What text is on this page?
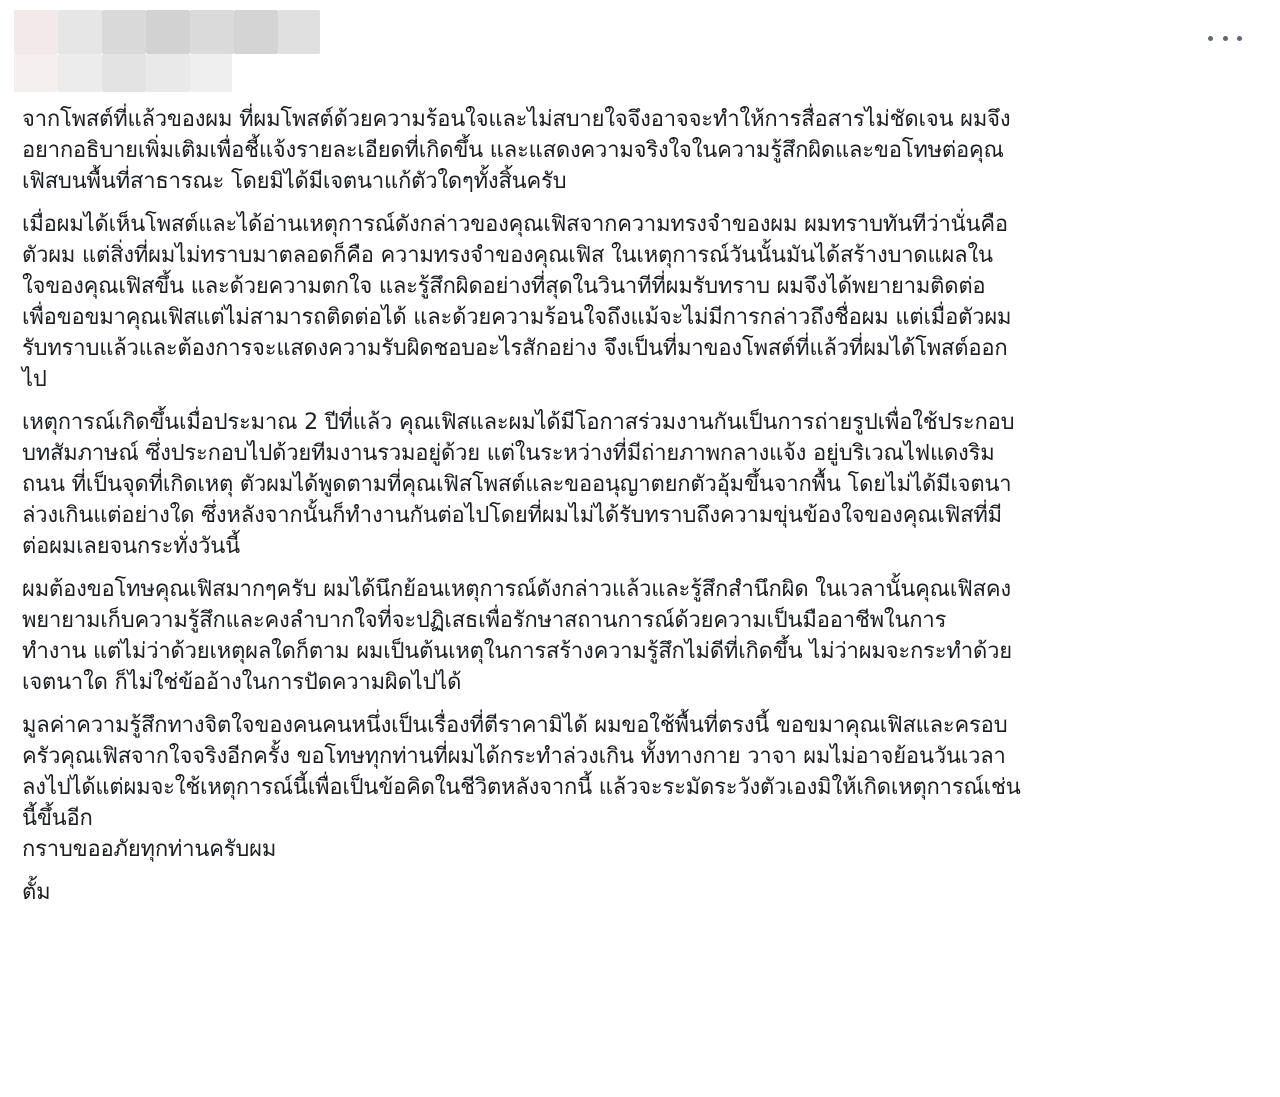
จากโพสต์ที่แล้วของผม ที่ผมโพสต์ด้วยความร้อนใจและไม่สบายใจจึงอาจจะทำให้การสื่อสารไม่ชัดเจน ผมจึง
อยากอธิบายเพิ่มเติมเพื่อชี้แจ้งรายละเอียดที่เกิดขึ้น และแสดงความจริงใจในความรู้สึกผิดและขอโทษต่อคุณ
เฟิสบนพื้นที่สาธารณะ โดยมิได้มีเจตนาแก้ตัวใดๆทั้งสิ้นครับ

เมื่อผมได้เห็นโพสต์และได้อ่านเหตุการณ์ดังกล่าวของคุณเฟิสจากความทรงจำของผม ผมทราบทันทีว่านั่นคือ
ตัวผม แต่สิ่งที่ผมไม่ทราบมาตลอดก็คือ ความทรงจำของคุณเฟิส ในเหตุการณ์วันนั้นมันได้สร้างบาดแผลใน
ใจของคุณเฟิสขึ้น และด้วยความตกใจ และรู้สึกผิดอย่างที่สุดในวินาทีที่ผมรับทราบ ผมจึงได้พยายามติดต่อ
เพื่อขอขมาคุณเฟิสแต่ไม่สามารถติดต่อได้ และด้วยความร้อนใจถึงแม้จะไม่มีการกล่าวถึงชื่อผม แต่เมื่อตัวผม
รับทราบแล้วและต้องการจะแสดงความรับผิดชอบอะไรสักอย่าง จึงเป็นที่มาของโพสต์ที่แล้วที่ผมได้โพสต์ออก
ไป

เหตุการณ์เกิดขึ้นเมื่อประมาณ 2 ปีที่แล้ว คุณเฟิสและผมได้มีโอกาสร่วมงานกันเป็นการถ่ายรูปเพื่อใช้ประกอบ
บทสัมภาษณ์ ซึ่งประกอบไปด้วยทีมงานรวมอยู่ด้วย แต่ในระหว่างที่มีถ่ายภาพกลางแจ้ง อยู่บริเวณไฟแดงริม
ถนน ที่เป็นจุดที่เกิดเหตุ ตัวผมได้พูดตามที่คุณเฟิสโพสต์และขออนุญาตยกตัวอุ้มขึ้นจากพื้น โดยไม่ได้มีเจตนา
ล่วงเกินแต่อย่างใด ซึ่งหลังจากนั้นก็ทำงานกันต่อไปโดยที่ผมไม่ได้รับทราบถึงความขุ่นข้องใจของคุณเฟิสที่มี
ต่อผมเลยจนกระทั่งวันนี้

ผมต้องขอโทษคุณเฟิสมากๆครับ ผมได้นึกย้อนเหตุการณ์ดังกล่าวแล้วและรู้สึกสำนึกผิด ในเวลานั้นคุณเฟิสคง
พยายามเก็บความรู้สึกและคงลำบากใจที่จะปฏิเสธเพื่อรักษาสถานการณ์ด้วยความเป็นมืออาชีพในการ
ทำงาน แต่ไม่ว่าด้วยเหตุผลใดก็ตาม ผมเป็นต้นเหตุในการสร้างความรู้สึกไม่ดีที่เกิดขึ้น ไม่ว่าผมจะกระทำด้วย
เจตนาใด ก็ไม่ใช่ข้ออ้างในการปัดความผิดไปได้

มูลค่าความรู้สึกทางจิตใจของคนคนหนึ่งเป็นเรื่องที่ตีราคามิได้ ผมขอใช้พื้นที่ตรงนี้ ขอขมาคุณเฟิสและครอบ
ครัวคุณเฟิสจากใจจริงอีกครั้ง ขอโทษทุกท่านที่ผมได้กระทำล่วงเกิน ทั้งทางกาย วาจา ผมไม่อาจย้อนวันเวลา
ลงไปได้แต่ผมจะใช้เหตุการณ์นี้เพื่อเป็นข้อคิดในชีวิตหลังจากนี้ แล้วจะระมัดระวังตัวเองมิให้เกิดเหตุการณ์เช่น
นี้ขึ้นอีก

กราบขออภัยทุกท่านครับผม

ตั้ม
